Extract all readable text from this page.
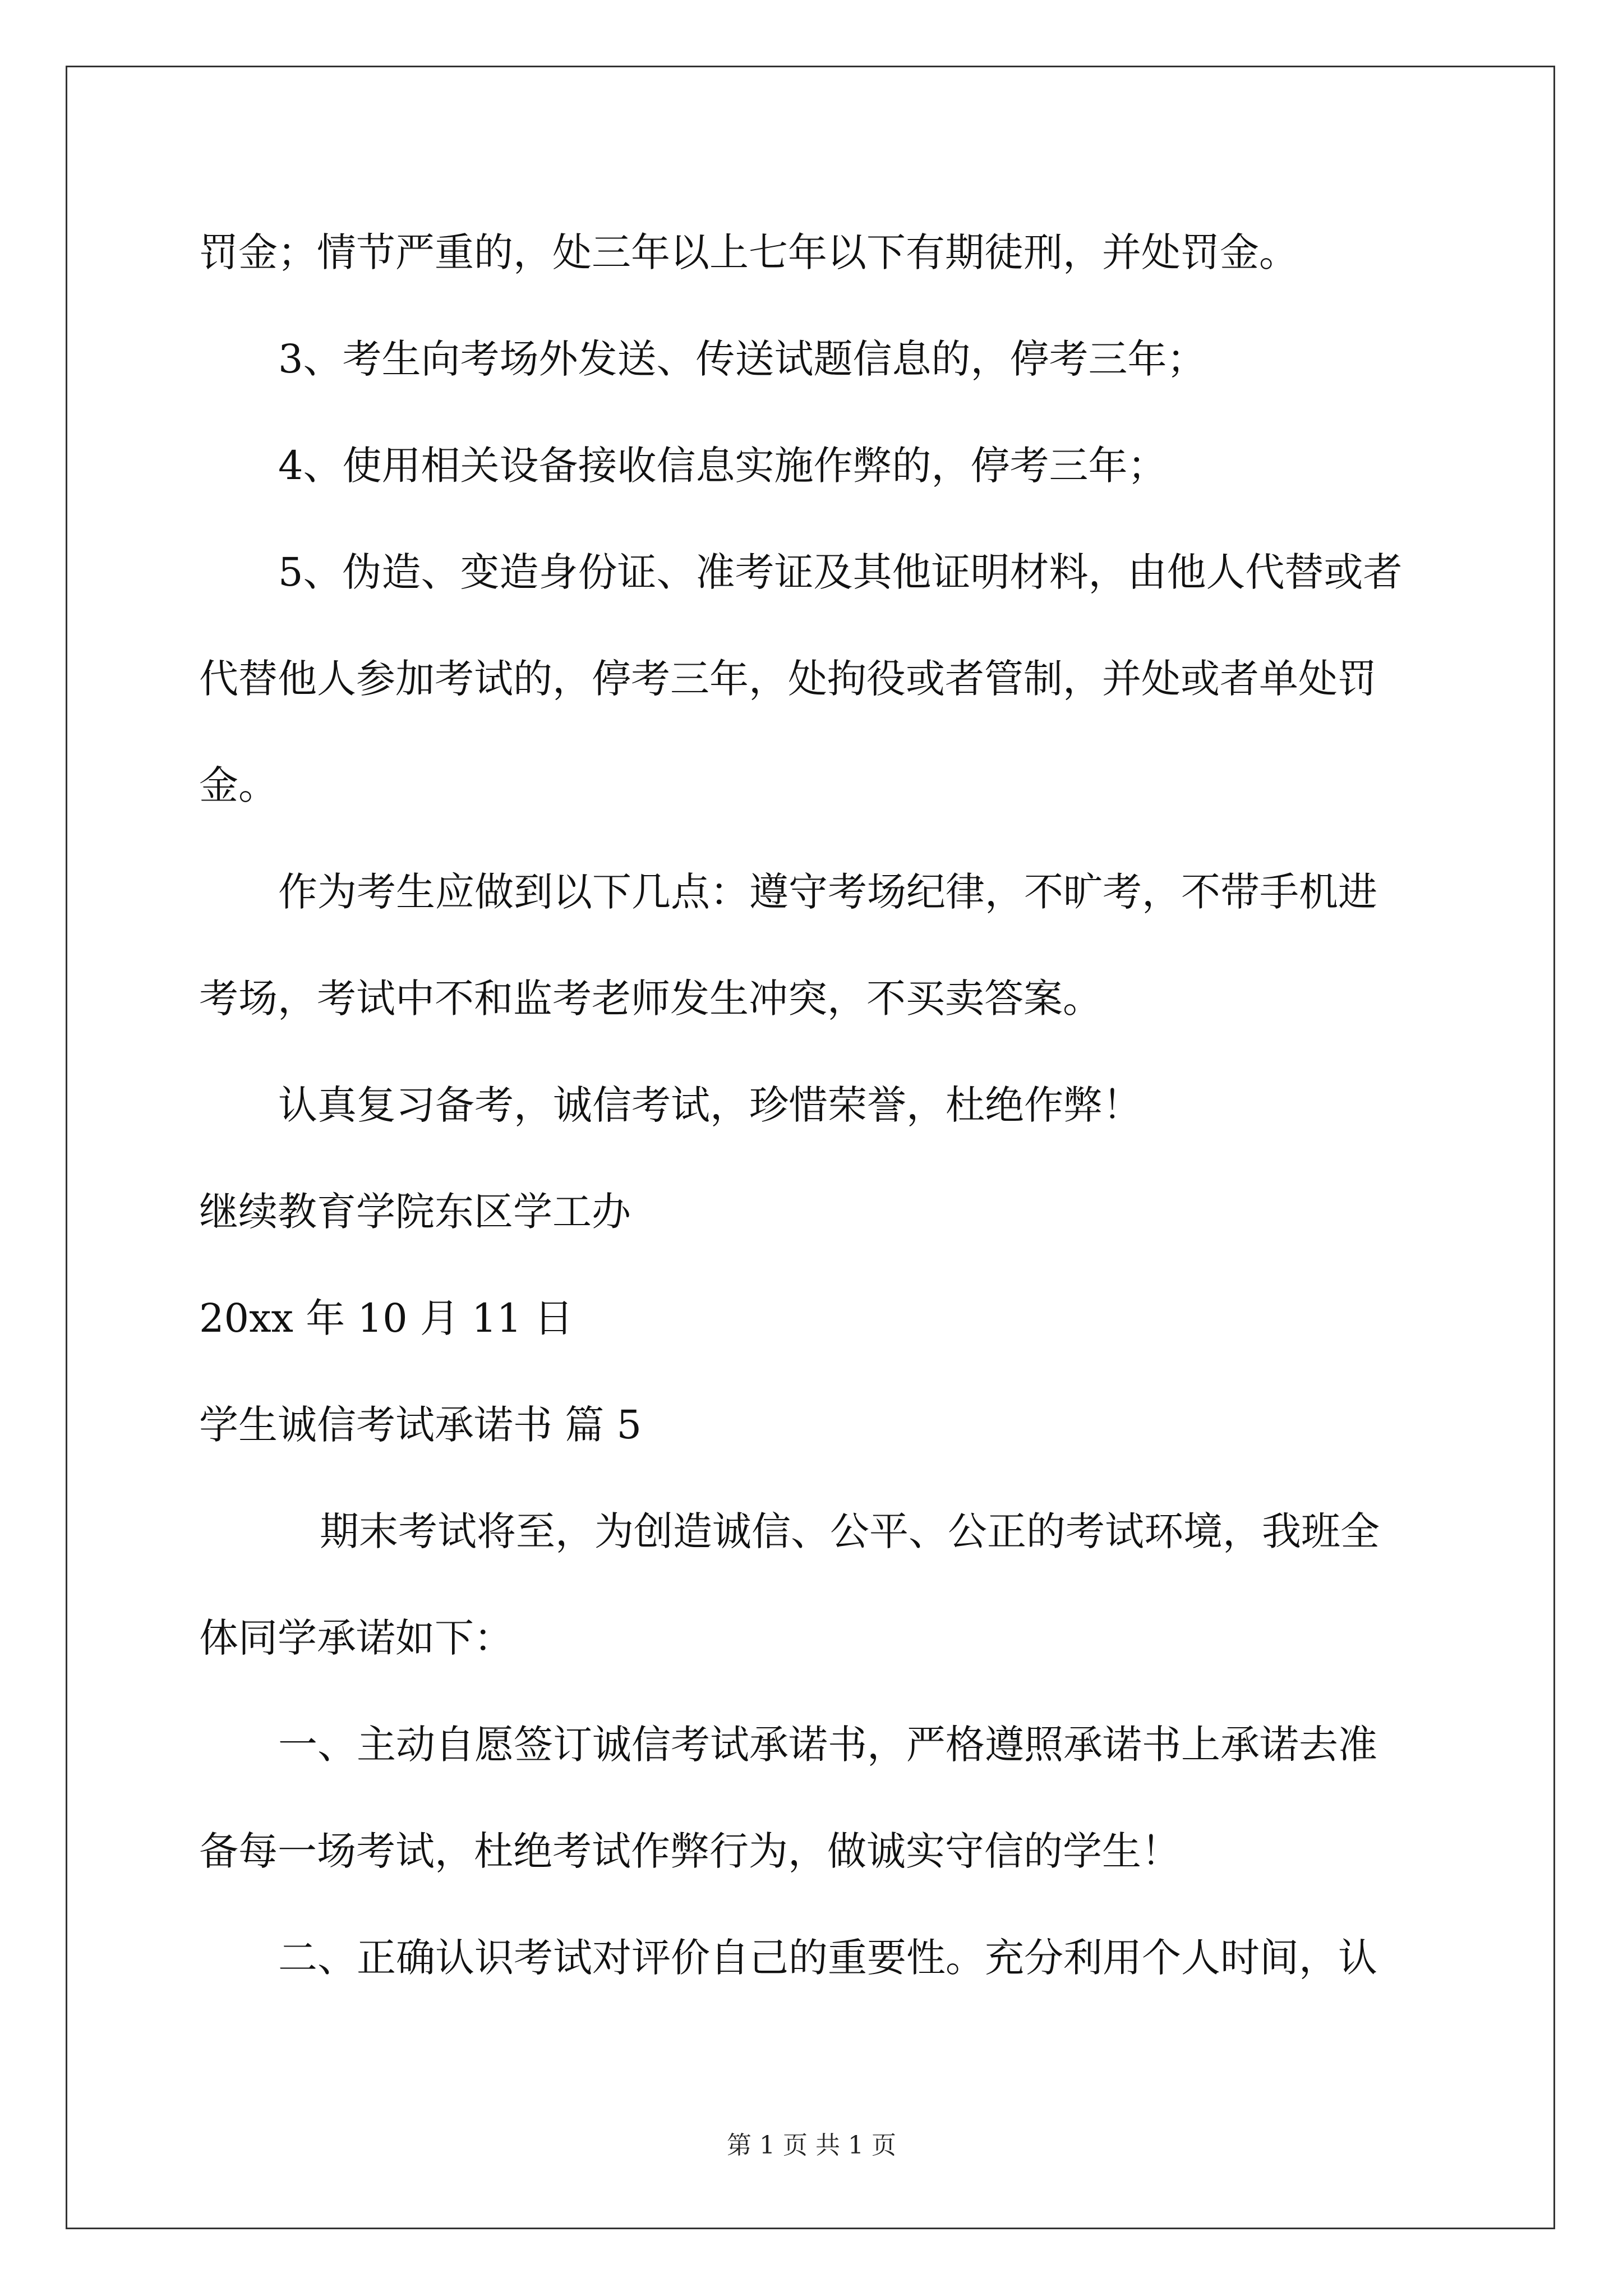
罚金；情节严重的，处三年以上七年以下有期徒刑，并处罚金。
3、考生向考场外发送、传送试题信息的，停考三年；
4、使用相关设备接收信息实施作弊的，停考三年；
5、伪造、变造身份证、准考证及其他证明材料，由他人代替或者
代替他人参加考试的，停考三年，处拘役或者管制，并处或者单处罚
金。
作为考生应做到以下几点：遵守考场纪律，不旷考，不带手机进
考场，考试中不和监考老师发生冲突，不买卖答案。
认真复习备考，诚信考试，珍惜荣誉，杜绝作弊！
继续教育学院东区学工办
20xx 年 10 月 11 日
学生诚信考试承诺书 篇 5
期末考试将至，为创造诚信、公平、公正的考试环境，我班全
体同学承诺如下：
一、主动自愿签订诚信考试承诺书，严格遵照承诺书上承诺去准
备每一场考试，杜绝考试作弊行为，做诚实守信的学生！
二、正确认识考试对评价自己的重要性。充分利用个人时间，认
第 1 页 共 1 页
